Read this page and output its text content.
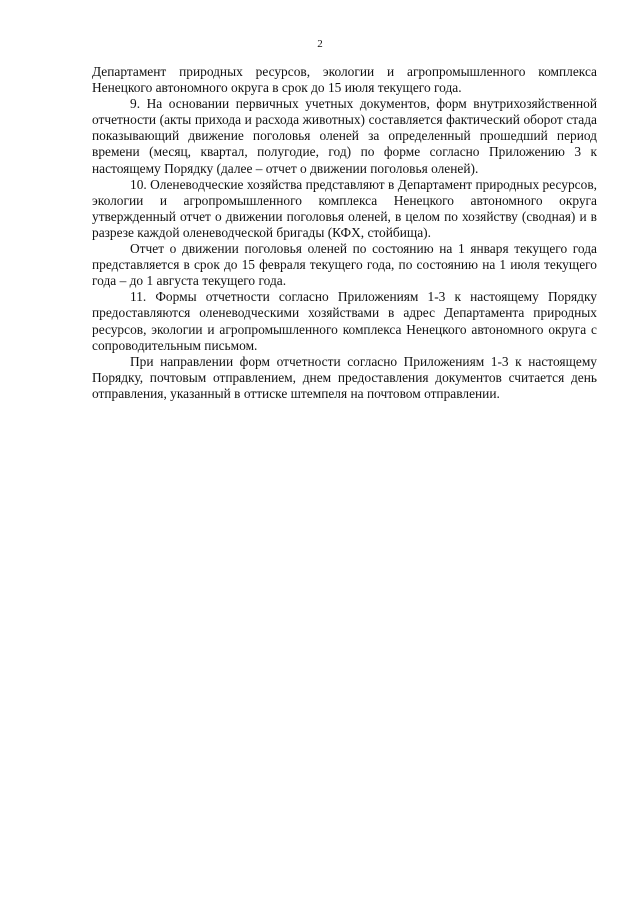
2

Департамент природных ресурсов, экологии и агропромышленного комплекса Ненецкого автономного округа в срок до 15 июля текущего года.

9. На основании первичных учетных документов, форм внутрихозяйственной отчетности (акты прихода и расхода животных) составляется фактический оборот стада показывающий движение поголовья оленей за определенный прошедший период времени (месяц, квартал, полугодие, год) по форме согласно Приложению 3 к настоящему Порядку (далее – отчет о движении поголовья оленей).

10. Оленеводческие хозяйства представляют в Департамент природных ресурсов, экологии и агропромышленного комплекса Ненецкого автономного округа утвержденный отчет о движении поголовья оленей, в целом по хозяйству (сводная) и в разрезе каждой оленеводческой бригады (КФХ, стойбища).

Отчет о движении поголовья оленей по состоянию на 1 января текущего года представляется в срок до 15 февраля текущего года, по состоянию на 1 июля текущего года – до 1 августа текущего года.

11. Формы отчетности согласно Приложениям 1-3 к настоящему Порядку предоставляются оленеводческими хозяйствами в адрес Департамента природных ресурсов, экологии и агропромышленного комплекса Ненецкого автономного округа с сопроводительным письмом.

При направлении форм отчетности согласно Приложениям 1-3 к настоящему Порядку, почтовым отправлением, днем предоставления документов считается день отправления, указанный в оттиске штемпеля на почтовом отправлении.
